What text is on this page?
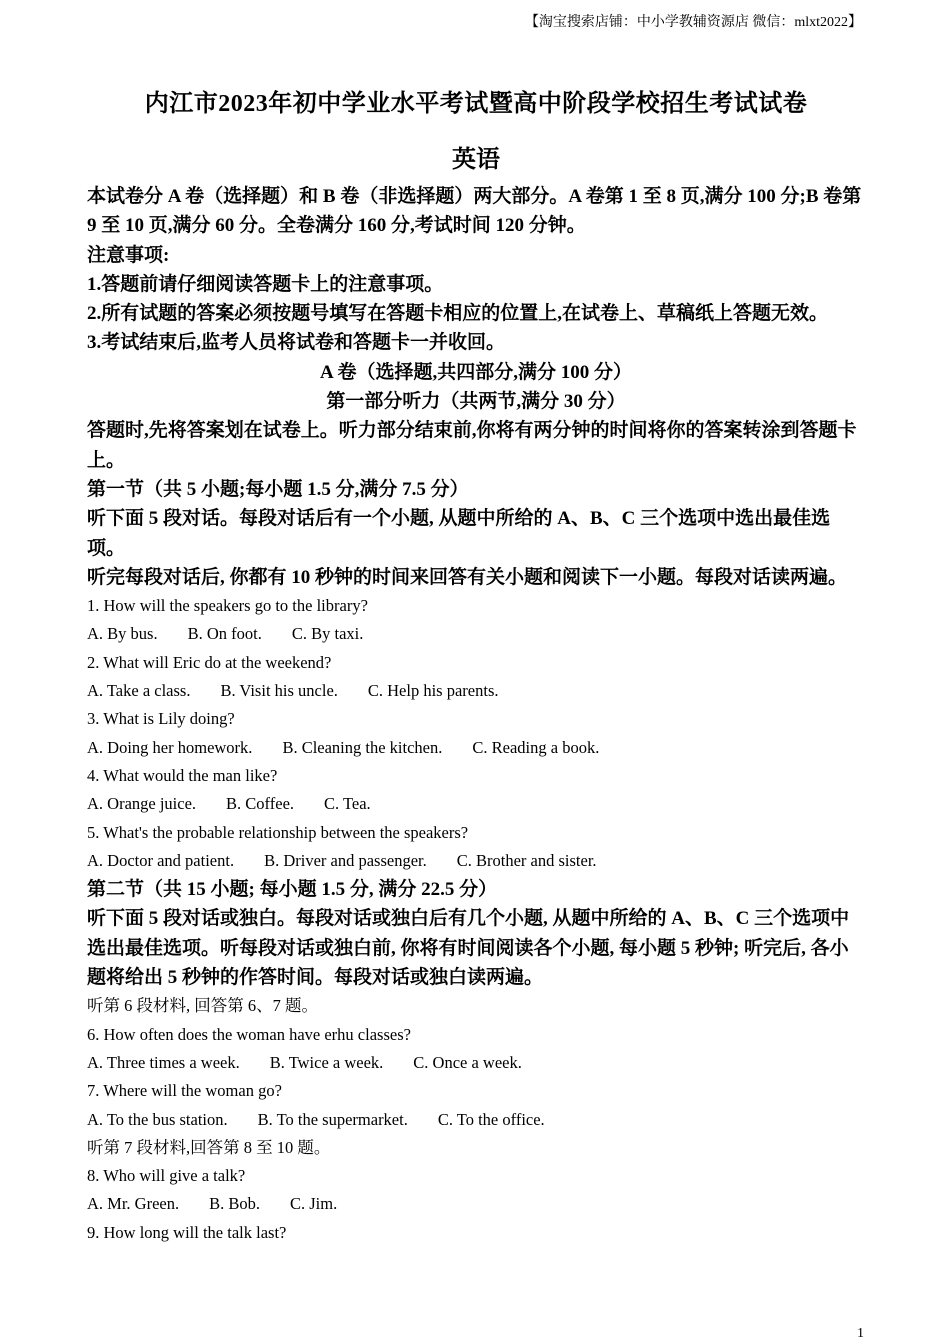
【淘宝搜索店铺：中小学教辅资源店 微信：mlxt2022】

内江市2023年初中学业水平考试暨高中阶段学校招生考试试卷

英语

本试卷分 A 卷（选择题）和 B 卷（非选择题）两大部分。A 卷第 1 至 8 页,满分 100 分;B 卷第

9 至 10 页,满分 60 分。全卷满分 160 分,考试时间 120 分钟。

注意事项:

1.答题前请仔细阅读答题卡上的注意事项。

2.所有试题的答案必须按题号填写在答题卡相应的位置上,在试卷上、草稿纸上答题无效。

3.考试结束后,监考人员将试卷和答题卡一并收回。

A 卷（选择题,共四部分,满分 100 分）

第一部分听力（共两节,满分 30 分）

答题时,先将答案划在试卷上。听力部分结束前,你将有两分钟的时间将你的答案转涂到答题卡

上。

第一节（共 5 小题;每小题 1.5 分,满分 7.5 分）

听下面 5 段对话。每段对话后有一个小题, 从题中所给的 A、B、C 三个选项中选出最佳选项。

听完每段对话后, 你都有 10 秒钟的时间来回答有关小题和阅读下一小题。每段对话读两遍。

1. How will the speakers go to the library?

A. By bus. B. On foot. C. By taxi.

2. What will Eric do at the weekend?

A. Take a class. B. Visit his uncle. C. Help his parents.

3. What is Lily doing?

A. Doing her homework. B. Cleaning the kitchen. C. Reading a book.

4. What would the man like?

A. Orange juice. B. Coffee. C. Tea.

5. What's the probable relationship between the speakers?

A. Doctor and patient. B. Driver and passenger. C. Brother and sister.

第二节（共 15 小题; 每小题 1.5 分, 满分 22.5 分）

听下面 5 段对话或独白。每段对话或独白后有几个小题, 从题中所给的 A、B、C 三个选项中

选出最佳选项。听每段对话或独白前, 你将有时间阅读各个小题, 每小题 5 秒钟; 听完后, 各小

题将给出 5 秒钟的作答时间。每段对话或独白读两遍。

听第 6 段材料, 回答第 6、7 题。

6. How often does the woman have erhu classes?

A. Three times a week. B. Twice a week. C. Once a week.

7. Where will the woman go?

A. To the bus station. B. To the supermarket. C. To the office.

听第 7 段材料,回答第 8 至 10 题。

8. Who will give a talk?

A. Mr. Green. B. Bob. C. Jim.

9. How long will the talk last?

1
